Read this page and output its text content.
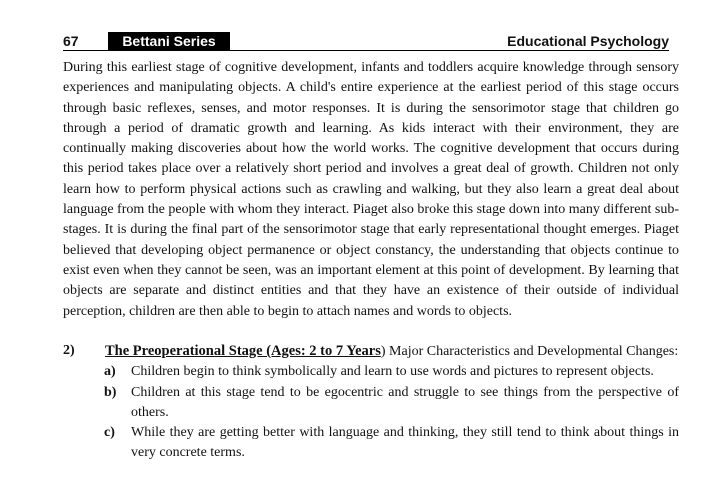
67	Bettani Series	Educational Psychology

During this earliest stage of cognitive development, infants and toddlers acquire knowledge through sensory experiences and manipulating objects. A child's entire experience at the earliest period of this stage occurs through basic reflexes, senses, and motor responses. It is during the sensorimotor stage that children go through a period of dramatic growth and learning. As kids interact with their environment, they are continually making discoveries about how the world works. The cognitive development that occurs during this period takes place over a relatively short period and involves a great deal of growth. Children not only learn how to perform physical actions such as crawling and walking, but they also learn a great deal about language from the people with whom they interact. Piaget also broke this stage down into many different sub-stages. It is during the final part of the sensorimotor stage that early representational thought emerges. Piaget believed that developing object permanence or object constancy, the understanding that objects continue to exist even when they cannot be seen, was an important element at this point of development. By learning that objects are separate and distinct entities and that they have an existence of their outside of individual perception, children are then able to begin to attach names and words to objects.

2) The Preoperational Stage (Ages: 2 to 7 Years) Major Characteristics and Developmental Changes:
a) Children begin to think symbolically and learn to use words and pictures to represent objects.
b) Children at this stage tend to be egocentric and struggle to see things from the perspective of others.
c) While they are getting better with language and thinking, they still tend to think about things in very concrete terms.
